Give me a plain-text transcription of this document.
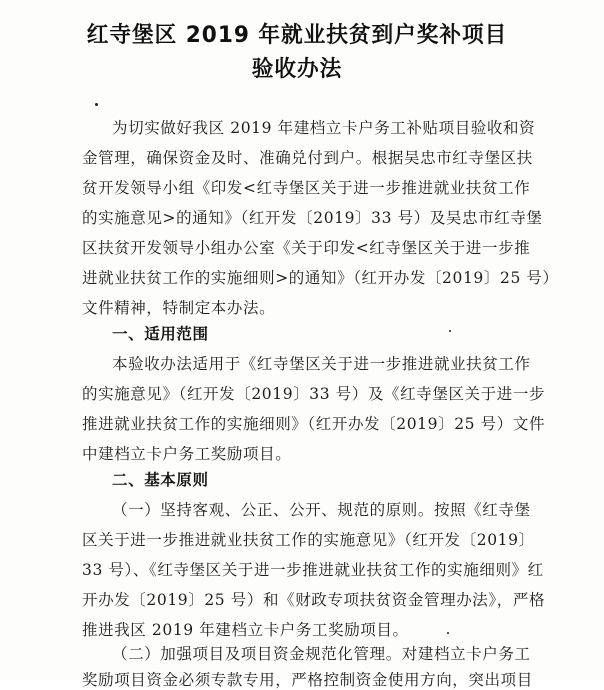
红寺堡区 2019 年就业扶贫到户奖补项目
验收办法
为切实做好我区 2019 年建档立卡户务工补贴项目验收和资
金管理，确保资金及时、准确兑付到户。根据吴忠市红寺堡区扶
贫开发领导小组《印发<红寺堡区关于进一步推进就业扶贫工作
的实施意见>的通知》（红开发〔2019〕33 号）及吴忠市红寺堡
区扶贫开发领导小组办公室《关于印发<红寺堡区关于进一步推
进就业扶贫工作的实施细则>的通知》（红开办发〔2019〕25 号）
文件精神，特制定本办法。
一、适用范围
本验收办法适用于《红寺堡区关于进一步推进就业扶贫工作
的实施意见》（红开发〔2019〕33 号）及《红寺堡区关于进一步
推进就业扶贫工作的实施细则》（红开办发〔2019〕25 号）文件
中建档立卡户务工奖励项目。
二、基本原则
（一）坚持客观、公正、公开、规范的原则。按照《红寺堡
区关于进一步推进就业扶贫工作的实施意见》（红开发〔2019〕
33 号）、《红寺堡区关于进一步推进就业扶贫工作的实施细则》红
开办发〔2019〕25 号）和《财政专项扶贫资金管理办法》，严格
推进我区 2019 年建档立卡户务工奖励项目。
（二）加强项目及项目资金规范化管理。对建档立卡户务工
奖励项目资金必须专款专用，严格控制资金使用方向，突出项目
